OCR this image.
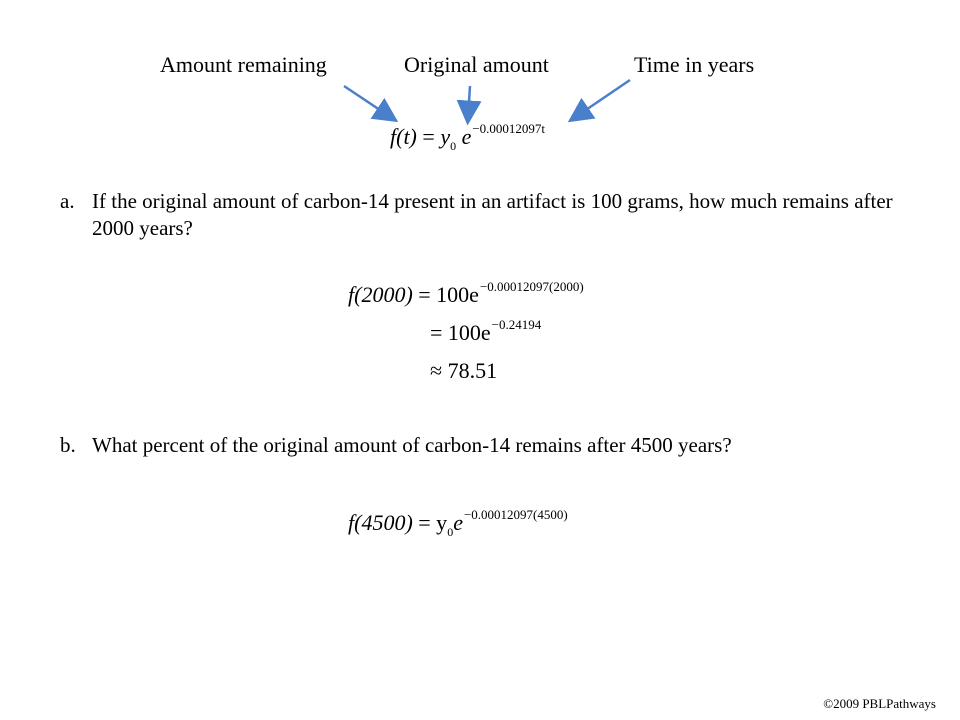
Amount remaining	Original amount	Time in years
$f(t) = y_0$ $e^{-0.00012097t}$
a. If the original amount of carbon-14 present in an artifact is 100 grams, how much remains after 2000 years?
$f(2000) = 100e^{-0.00012097(2000)}$
= $100e^{-0.24194}$
≈ 78.51
b. What percent of the original amount of carbon-14 remains after 4500 years?
$f(4500) = y_0e^{-0.00012097(4500)}$
©2009 PBLPathways
